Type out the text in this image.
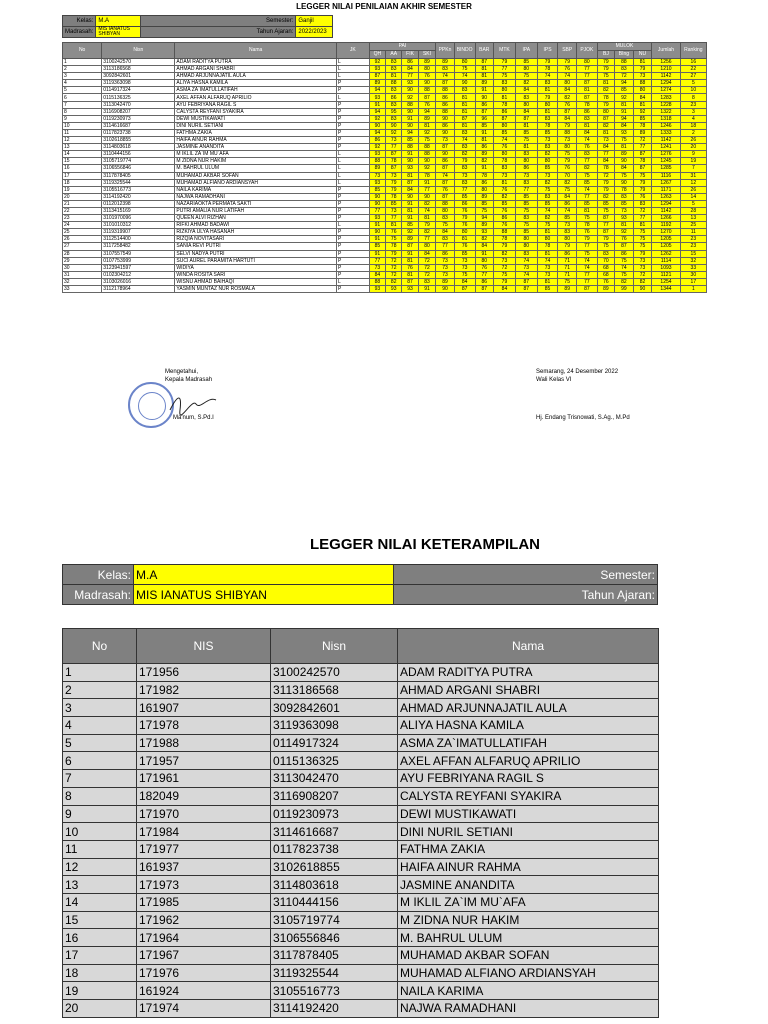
LEGGER NILAI PENILAIAN AKHIR SEMESTER
Kelas:	M.A	Semester:	Ganjil
Madrasah:	MIS IANATUS SHIBYAN	Tahun Ajaran:	2022/2023
No	Nisn	Nama	JK	PAI				PPKn	BINDO	BAR	MTK	IPA	IPS	SBP	PJOK	MULOK			Jumlah	Ranking
				QH	AA	FIK	SKI									BJ	BIng	NU		
1	3100242570	ADAM RADITYA PUTRA	L	92	83	86	89	89	80	87	79	85	79	79	80	79	88	81	1256	16
2	3113186568	AHMAD ARGANI SHABRI	L	93	83	84	80	83	75	81	77	80	78	76	77	79	83	79	1210	22
3	3092842601	AHMAD ARJUNNAJATIL AULA	L	87	81	77	76	74	74	81	75	75	74	74	77	75	72	73	1142	27
4	3119363098	ALIYA HASNA KAMILA	P	89	88	93	90	87	90	89	83	82	83	80	87	81	94	88	1294	5
5	0114917324	ASMA ZA`IMATULLATIFAH	P	94	83	90	88	88	83	91	80	84	81	84	81	82	85	80	1274	10
6	0115136325	AXEL AFFAN ALFARUQ APRILIO	L	93	86	92	87	86	81	90	81	83	79	82	87	78	92	84	1283	8
7	3113042470	AYU FEBRIYANA RAGIL S	P	91	83	88	76	86	81	86	78	80	80	76	78	79	81	81	1228	23
8	3116908207	CALYSTA REYFANI SYAKIRA	P	94	95	90	94	88	81	87	86	84	81	87	86	80	91	92	1322	3
9	0119230973	DEWI MUSTIKAWATI	P	92	83	91	89	90	87	96	87	87	83	84	83	87	94	85	1318	4
10	3114616687	DINI NURIL SETIANI	P	90	90	90	81	86	81	85	80	81	78	79	81	82	84	78	1246	18
11	0117823738	FATHMA ZAKIA	P	94	92	94	92	90	83	91	85	85	85	88	84	81	93	89	1333	2
12	3102618855	HAIFA AINUR RAHMA	P	86	73	85	75	73	74	81	74	75	73	73	74	73	75	72	1142	26
13	3114803618	JASMINE ANANDITA	P	92	77	88	88	87	83	86	76	81	83	80	76	84	81	77	1241	20
14	3110444156	M IKLIL ZA`IM MU`AFA	L	93	87	91	88	90	82	89	80	83	82	75	83	77	89	87	1276	9
15	3105719774	M ZIDNA NUR HAKIM	L	88	78	90	90	86	79	82	78	80	80	79	77	84	90	78	1245	19
16	3106556846	M. BAHRUL ULUM	L	89	87	93	92	87	83	91	83	86	85	76	82	78	84	87	1285	7
17	3117878405	MUHAMAD AKBAR SOFAN	L	73	73	81	78	74	73	78	73	73	73	70	75	72	75	75	1116	31
18	3119325544	MUHAMAD ALFIANO ARDIANSYAH	L	93	79	87	91	87	83	86	81	83	82	82	85	79	90	79	1267	12
19	3105516773	NAILA KARIMA	P	85	79	84	77	76	77	80	76	77	75	75	74	79	78	79	1171	26
20	3114192420	NAJWA RAMADHANI	P	90	78	90	90	87	85	89	82	85	83	84	77	82	83	76	1263	14
21	0112012398	NAZARIAOKTA PERMATA SAKTI	P	90	85	91	82	88	86	85	85	85	85	86	85	85	85	83	1294	5
22	3113415169	PUTRI AMALIA NUR LATIFAH	P	77	73	81	74	80	76	75	76	75	74	74	81	75	73	72	1142	28
23	3101970096	QUEEN ALVI RIZHAN	P	93	77	91	81	83	79	94	86	83	82	85	75	87	93	77	1266	13
24	3101010312	RIFKI AHMAD BADAWI	L	91	81	85	79	75	76	89	76	75	75	73	78	77	81	81	1192	25
25	3119319907	RIZKIYA ULYA HASANAH	P	90	76	92	82	84	80	93	88	85	81	83	76	87	92	75	1270	11
26	3112514400	RIZQIA NOVITASARI	P	91	75	89	77	83	81	82	78	80	80	80	79	79	76	75	1205	23
27	3117258482	SANIA REVI PUTRI	P	85	78	87	80	77	76	84	79	80	78	79	77	75	87	75	1205	23
28	3107557549	SELVI NADYA PUTRI	P	91	79	91	84	86	85	91	82	83	81	86	75	83	86	79	1262	15
29	0107753999	SUCI AUREL PARAMITA HARTUTI	P	77	72	81	72	73	73	80	73	74	74	71	74	70	75	73	1114	32
30	3123941597	WIDIYA	P	73	72	76	72	73	73	76	72	73	73	71	74	68	74	73	1093	33
31	0102304212	WINDA ROSITA SARI	P	84	72	81	72	73	75	77	75	74	73	71	77	68	75	72	1121	30
32	3103026016	WISNU AHMAD BAIHAQI	L	88	82	87	83	89	84	86	79	87	81	75	77	76	82	82	1254	17
33	3112178964	YASMIN MUNTAZ NUR ROSMALA	P	93	93	93	91	90	87	87	84	87	85	89	87	89	99	90	1344	1
Mengetahui,
Kepala Madrasah
Ma'num, S.Pd.I
Semarang, 24 Desember 2022
Wali Kelas VI
Hj. Endang Trisnowati, S.Ag., M.Pd
LEGGER NILAI KETERAMPILAN
Kelas:	M.A	Semester:
Madrasah:	MIS IANATUS SHIBYAN	Tahun Ajaran:
No	NIS	Nisn	Nama
1	171956	3100242570	ADAM RADITYA PUTRA
2	171982	3113186568	AHMAD ARGANI SHABRI
3	161907	3092842601	AHMAD ARJUNNAJATIL AULA
4	171978	3119363098	ALIYA HASNA KAMILA
5	171988	0114917324	ASMA ZA`IMATULLATIFAH
6	171957	0115136325	AXEL AFFAN ALFARUQ APRILIO
7	171961	3113042470	AYU FEBRIYANA RAGIL S
8	182049	3116908207	CALYSTA REYFANI SYAKIRA
9	171970	0119230973	DEWI MUSTIKAWATI
10	171984	3114616687	DINI NURIL SETIANI
11	171977	0117823738	FATHMA ZAKIA
12	161937	3102618855	HAIFA AINUR RAHMA
13	171973	3114803618	JASMINE ANANDITA
14	171985	3110444156	M IKLIL ZA`IM MU`AFA
15	171962	3105719774	M ZIDNA NUR HAKIM
16	171964	3106556846	M. BAHRUL ULUM
17	171967	3117878405	MUHAMAD AKBAR SOFAN
18	171976	3119325544	MUHAMAD ALFIANO ARDIANSYAH
19	161924	3105516773	NAILA KARIMA
20	171974	3114192420	NAJWA RAMADHANI
